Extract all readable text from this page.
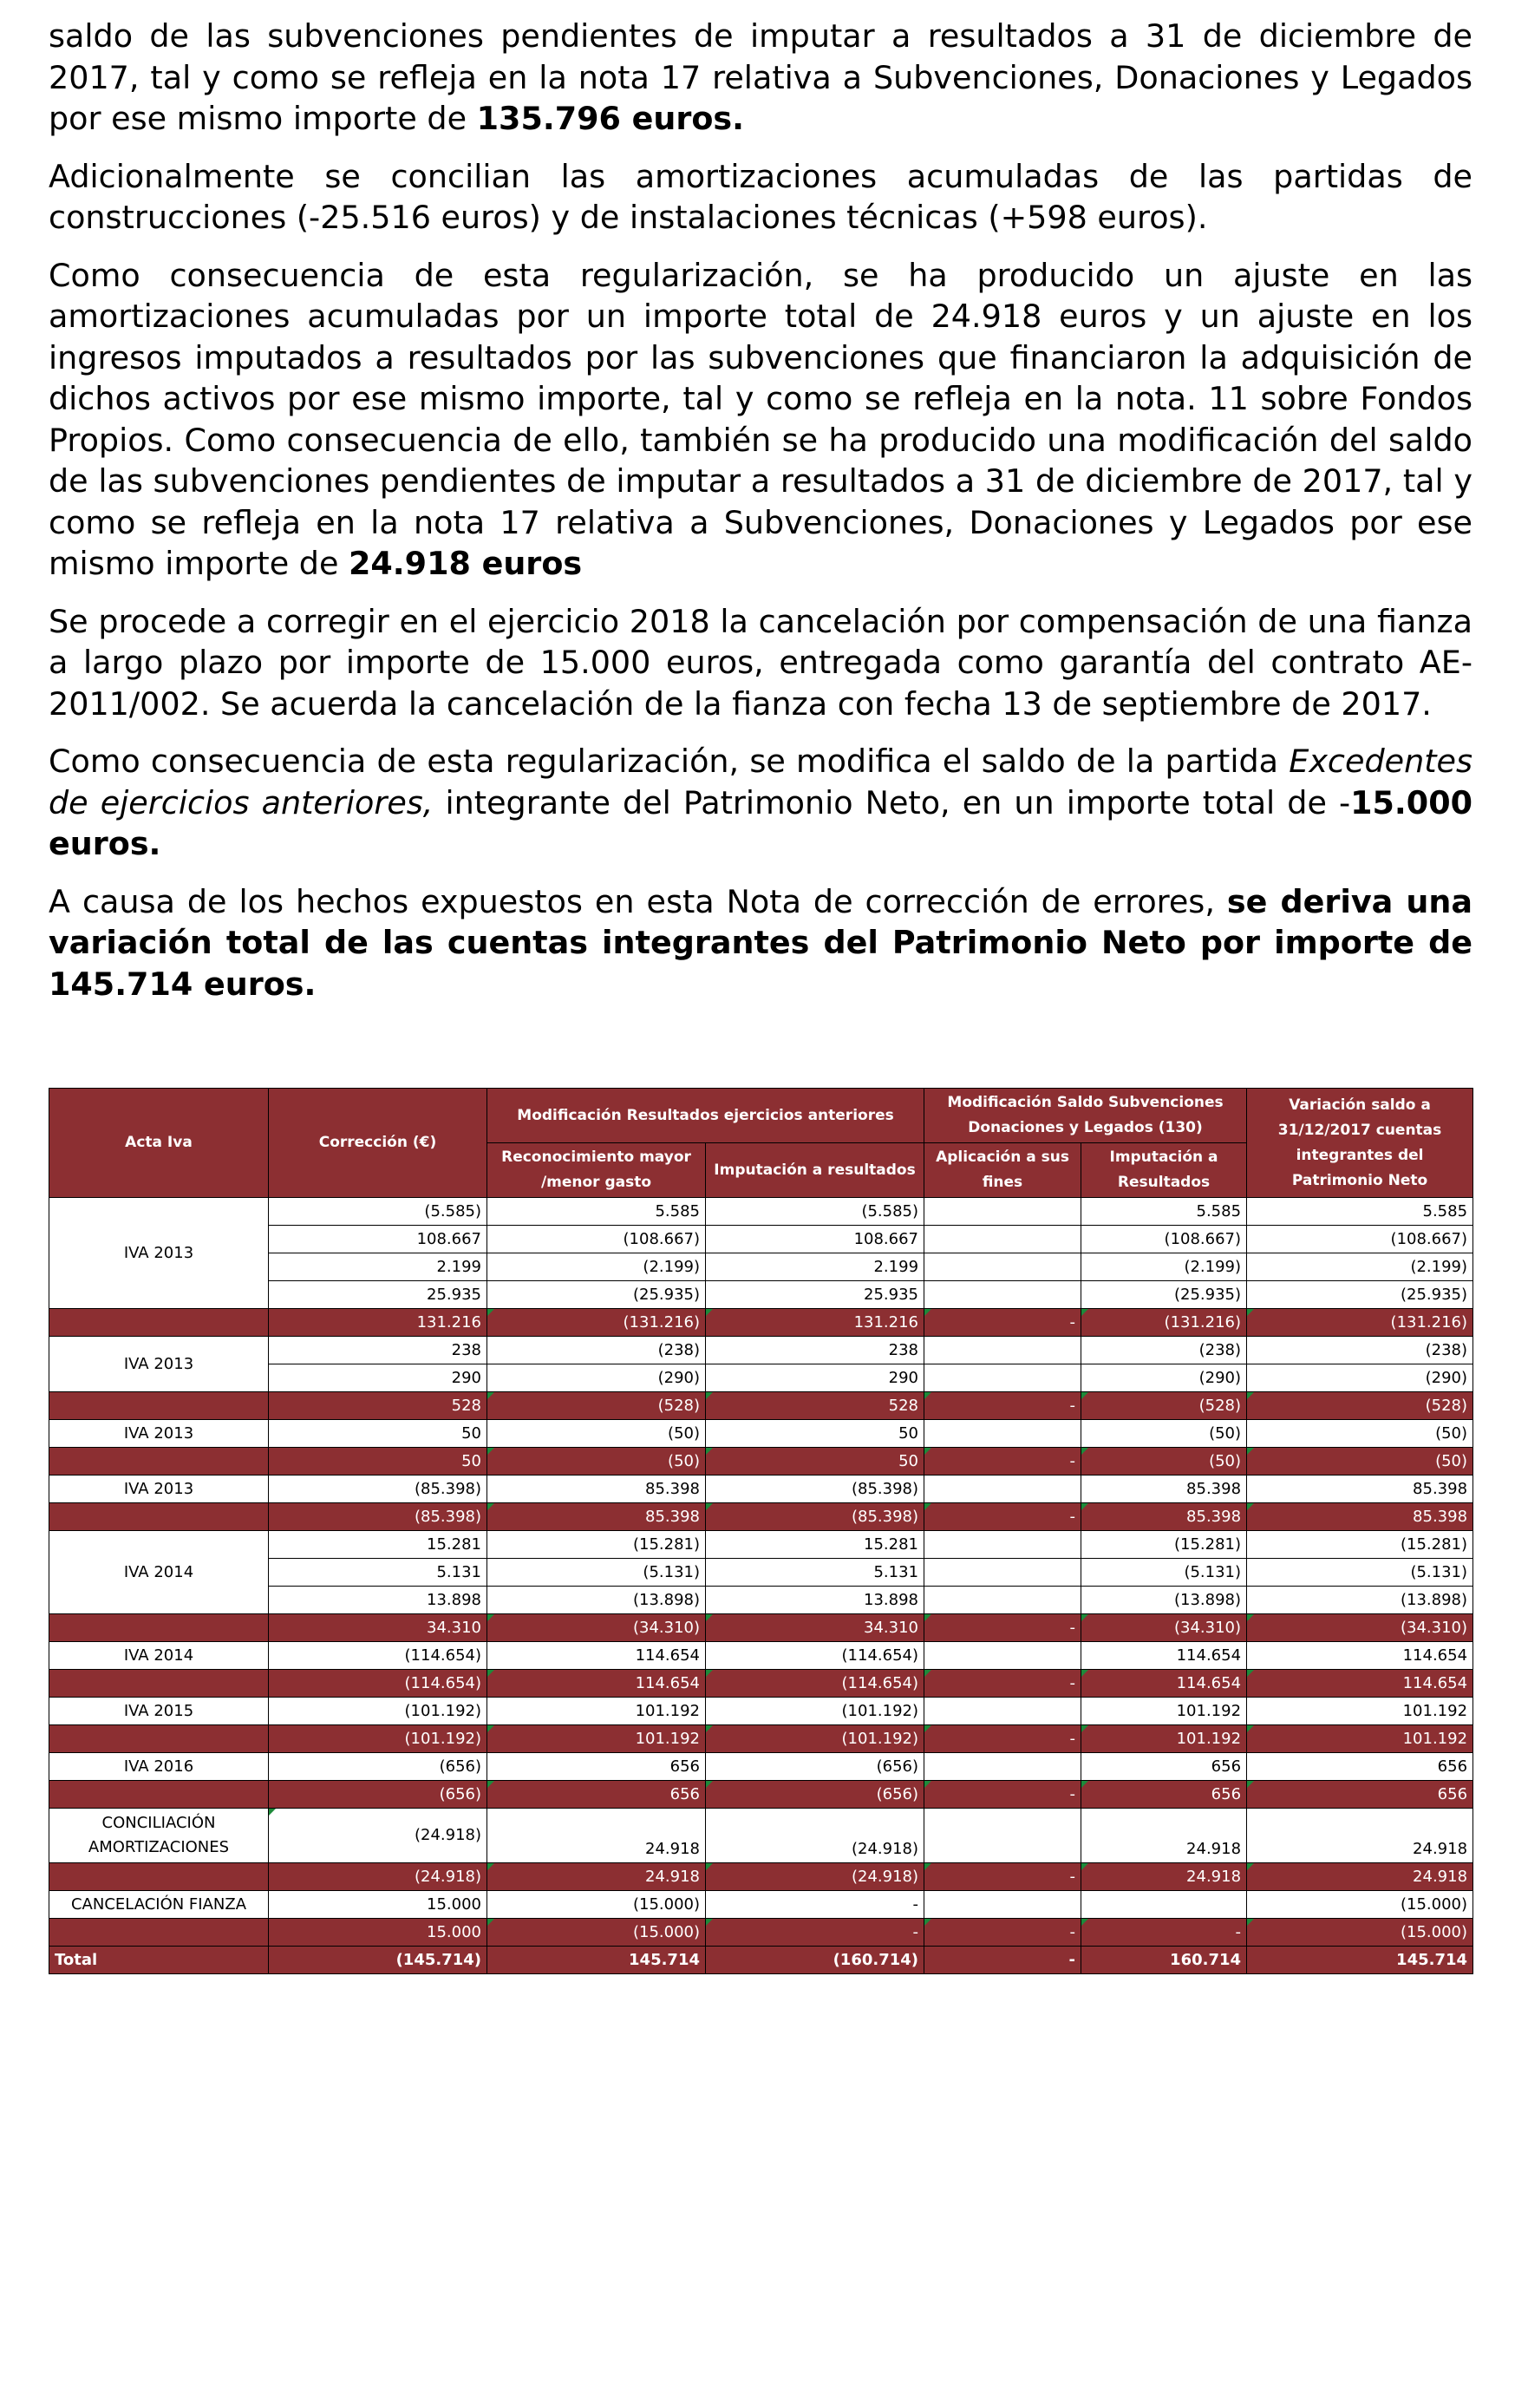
saldo de las subvenciones pendientes de imputar a resultados a 31 de diciembre de 2017, tal y como se refleja en la nota 17 relativa a Subvenciones, Donaciones y Legados por ese mismo importe de 135.796 euros.

Adicionalmente se concilian las amortizaciones acumuladas de las partidas de construcciones (-25.516 euros) y de instalaciones técnicas (+598 euros).

Como consecuencia de esta regularización, se ha producido un ajuste en las amortizaciones acumuladas por un importe total de 24.918 euros y un ajuste en los ingresos imputados a resultados por las subvenciones que financiaron la adquisición de dichos activos por ese mismo importe, tal y como se refleja en la nota. 11 sobre Fondos Propios. Como consecuencia de ello, también se ha producido una modificación del saldo de las subvenciones pendientes de imputar a resultados a 31 de diciembre de 2017, tal y como se refleja en la nota 17 relativa a Subvenciones, Donaciones y Legados por ese mismo importe de 24.918 euros

Se procede a corregir en el ejercicio 2018 la cancelación por compensación de una fianza a largo plazo por importe de 15.000 euros, entregada como garantía del contrato AE-2011/002. Se acuerda la cancelación de la fianza con fecha 13 de septiembre de 2017.

Como consecuencia de esta regularización, se modifica el saldo de la partida Excedentes de ejercicios anteriores, integrante del Patrimonio Neto, en un importe total de -15.000 euros.

A causa de los hechos expuestos en esta Nota de corrección de errores, se deriva una variación total de las cuentas integrantes del Patrimonio Neto por importe de 145.714 euros.

Acta Iva	Corrección (€)	Modificación Resultados ejercicios anteriores		Modificación Saldo Subvenciones Donaciones y Legados (130)		Variación saldo a 31/12/2017 cuentas integrantes del Patrimonio Neto
		Reconocimiento mayor /menor gasto	Imputación a resultados	Aplicación a sus fines	Imputación a Resultados	
IVA 2013	(5.585)	5.585	(5.585)		5.585	5.585
	108.667	(108.667)	108.667		(108.667)	(108.667)
	2.199	(2.199)	2.199		(2.199)	(2.199)
	25.935	(25.935)	25.935		(25.935)	(25.935)
	131.216	(131.216)	131.216	-	(131.216)	(131.216)
IVA 2013	238	(238)	238		(238)	(238)
	290	(290)	290		(290)	(290)
	528	(528)	528	-	(528)	(528)
IVA 2013	50	(50)	50		(50)	(50)
	50	(50)	50	-	(50)	(50)
IVA 2013	(85.398)	85.398	(85.398)		85.398	85.398
	(85.398)	85.398	(85.398)	-	85.398	85.398
IVA 2014	15.281	(15.281)	15.281		(15.281)	(15.281)
	5.131	(5.131)	5.131		(5.131)	(5.131)
	13.898	(13.898)	13.898		(13.898)	(13.898)
	34.310	(34.310)	34.310	-	(34.310)	(34.310)
IVA 2014	(114.654)	114.654	(114.654)		114.654	114.654
	(114.654)	114.654	(114.654)	-	114.654	114.654
IVA 2015	(101.192)	101.192	(101.192)		101.192	101.192
	(101.192)	101.192	(101.192)	-	101.192	101.192
IVA 2016	(656)	656	(656)		656	656
	(656)	656	(656)	-	656	656
CONCILIACIÓN AMORTIZACIONES	(24.918)	24.918	(24.918)		24.918	24.918
	(24.918)	24.918	(24.918)	-	24.918	24.918
CANCELACIÓN FIANZA	15.000	(15.000)	-			(15.000)
	15.000	(15.000)	-	-	-	(15.000)
Total	(145.714)	145.714	(160.714)	-	160.714	145.714
